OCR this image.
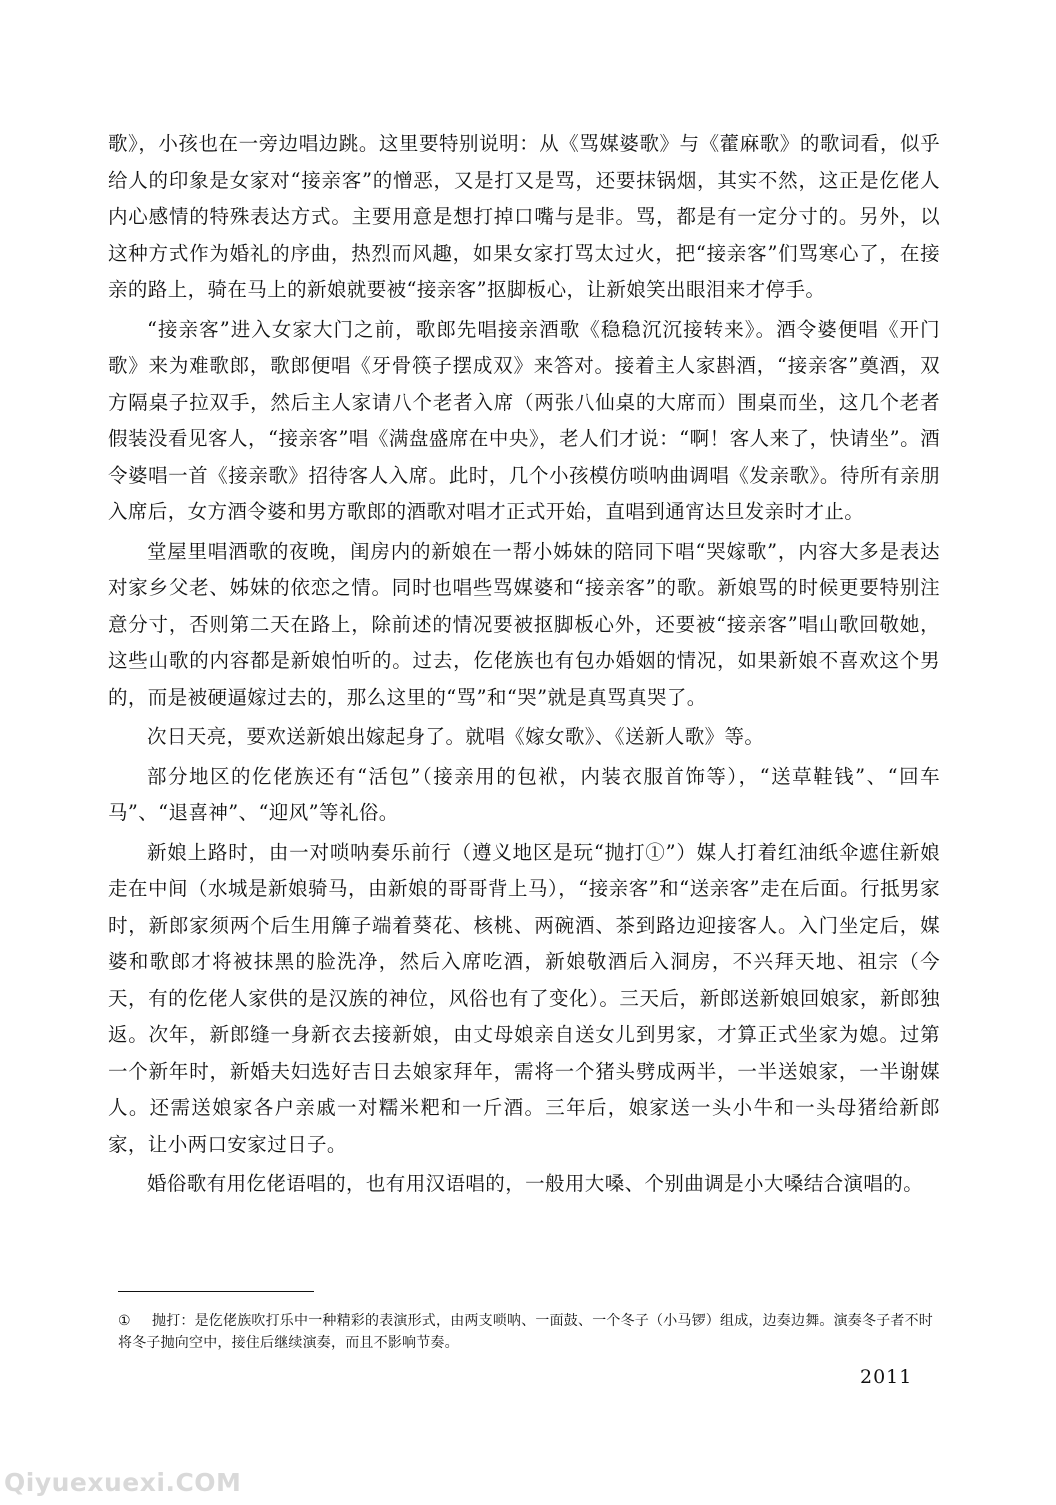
歌》，小孩也在一旁边唱边跳。这里要特别说明：从《骂媒婆歌》与《藿麻歌》的歌词看，似乎给人的印象是女家对“接亲客”的憎恶，又是打又是骂，还要抹锅烟，其实不然，这正是仡佬人内心感情的特殊表达方式。主要用意是想打掉口嘴与是非。骂，都是有一定分寸的。另外，以这种方式作为婚礼的序曲，热烈而风趣，如果女家打骂太过火，把“接亲客”们骂寒心了，在接亲的路上，骑在马上的新娘就要被“接亲客”抠脚板心，让新娘笑出眼泪来才停手。

“接亲客”进入女家大门之前，歌郎先唱接亲酒歌《稳稳沉沉接转来》。酒令婆便唱《开门歌》来为难歌郎，歌郎便唱《牙骨筷子摆成双》来答对。接着主人家斟酒，“接亲客”奠酒，双方隔桌子拉双手，然后主人家请八个老者入席（两张八仙桌的大席而）围桌而坐，这几个老者假装没看见客人，“接亲客”唱《满盘盛席在中央》，老人们才说：“啊！客人来了，快请坐”。酒令婆唱一首《接亲歌》招待客人入席。此时，几个小孩模仿唢呐曲调唱《发亲歌》。待所有亲朋入席后，女方酒令婆和男方歌郎的酒歌对唱才正式开始，直唱到通宵达旦发亲时才止。

堂屋里唱酒歌的夜晚，闺房内的新娘在一帮小姊妹的陪同下唱“哭嫁歌”，内容大多是表达对家乡父老、姊妹的依恋之情。同时也唱些骂媒婆和“接亲客”的歌。新娘骂的时候更要特别注意分寸，否则第二天在路上，除前述的情况要被抠脚板心外，还要被“接亲客”唱山歌回敬她，这些山歌的内容都是新娘怕听的。过去，仡佬族也有包办婚姻的情况，如果新娘不喜欢这个男的，而是被硬逼嫁过去的，那么这里的“骂”和“哭”就是真骂真哭了。

次日天亮，要欢送新娘出嫁起身了。就唱《嫁女歌》、《送新人歌》等。

部分地区的仡佬族还有“活包”（接亲用的包袱，内装衣服首饰等），“送草鞋钱”、“回车马”、“退喜神”、“迎风”等礼俗。

新娘上路时，由一对唢呐奏乐前行（遵义地区是玩“抛打①”）媒人打着红油纸伞遮住新娘走在中间（水城是新娘骑马，由新娘的哥哥背上马），“接亲客”和“送亲客”走在后面。行抵男家时，新郎家须两个后生用簰子端着葵花、核桃、两碗酒、茶到路边迎接客人。入门坐定后，媒婆和歌郎才将被抹黑的脸洗净，然后入席吃酒，新娘敬酒后入洞房，不兴拜天地、祖宗（今天，有的仡佬人家供的是汉族的神位，风俗也有了变化）。三天后，新郎送新娘回娘家，新郎独返。次年，新郎缝一身新衣去接新娘，由丈母娘亲自送女儿到男家，才算正式坐家为媳。过第一个新年时，新婚夫妇选好吉日去娘家拜年，需将一个猪头劈成两半，一半送娘家，一半谢媒人。还需送娘家各户亲戚一对糯米粑和一斤酒。三年后，娘家送一头小牛和一头母猪给新郎家，让小两口安家过日子。

婚俗歌有用仡佬语唱的，也有用汉语唱的，一般用大嗓、个别曲调是小大嗓结合演唱的。

① 抛打：是仡佬族吹打乐中一种精彩的表演形式，由两支唢呐、一面鼓、一个冬子（小马锣）组成，边奏边舞。演奏冬子者不时将冬子抛向空中，接住后继续演奏，而且不影响节奏。
2011
Qiyuexuexi.COM
